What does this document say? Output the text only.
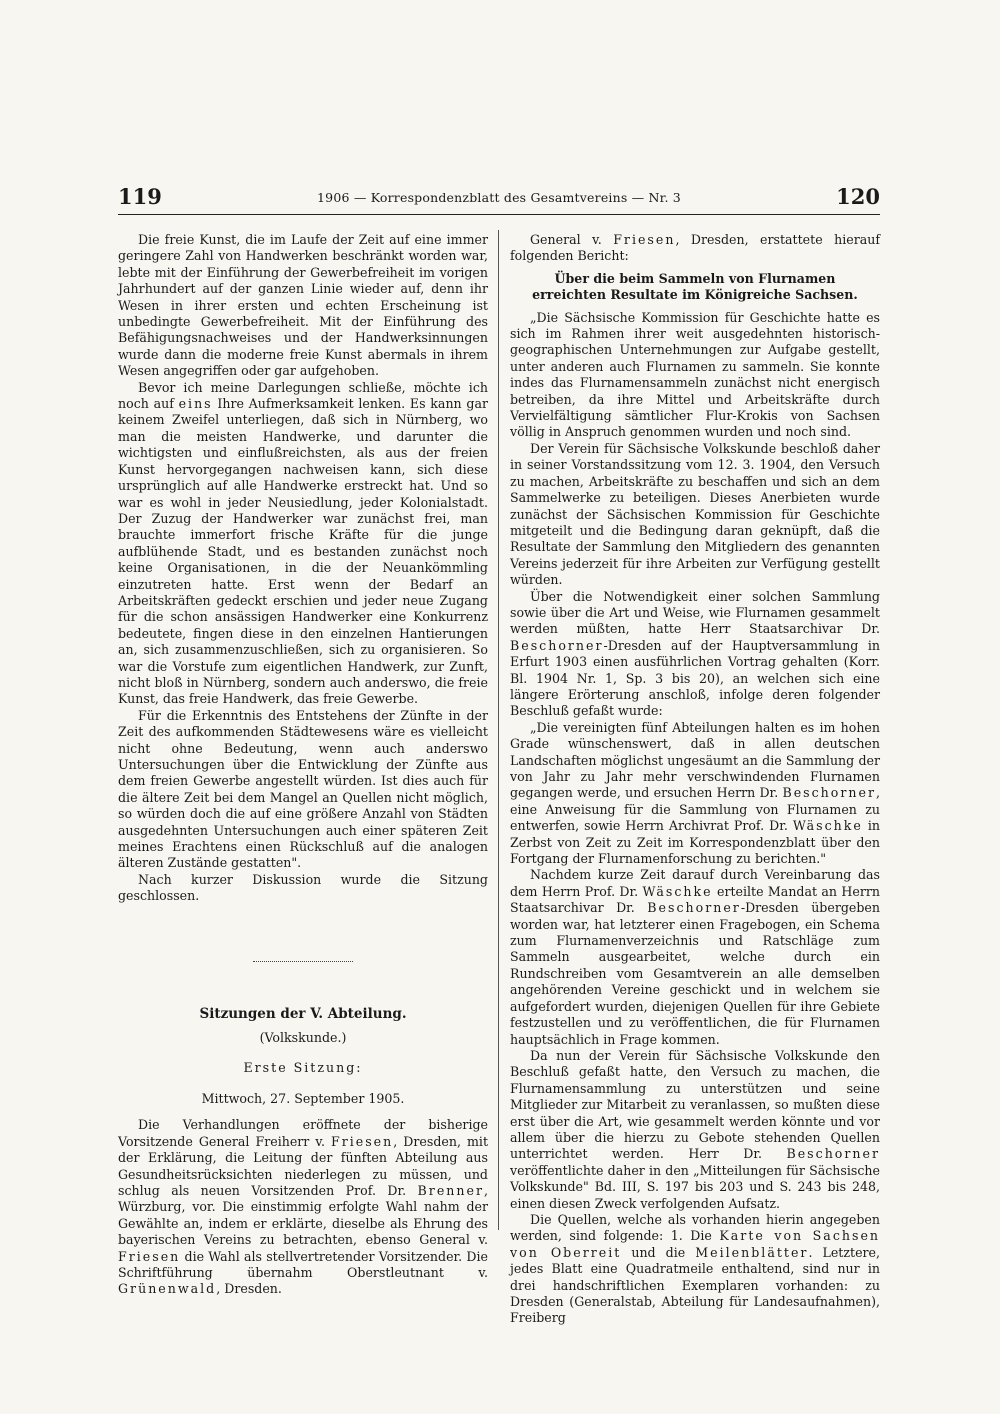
119	1906 — Korrespondenzblatt des Gesamtvereins — Nr. 3	120

Die freie Kunst, die im Laufe der Zeit auf eine immer geringere Zahl von Handwerken beschränkt worden war, lebte mit der Einführung der Gewerbefreiheit im vorigen Jahrhundert auf der ganzen Linie wieder auf, denn ihr Wesen in ihrer ersten und echten Erscheinung ist unbedingte Gewerbefreiheit. Mit der Einführung des Befähigungsnachweises und der Handwerksinnungen wurde dann die moderne freie Kunst abermals in ihrem Wesen angegriffen oder gar aufgehoben.

Bevor ich meine Darlegungen schließe, möchte ich noch auf eins Ihre Aufmerksamkeit lenken. Es kann gar keinem Zweifel unterliegen, daß sich in Nürnberg, wo man die meisten Handwerke, und darunter die wichtigsten und einflußreichsten, als aus der freien Kunst hervorgegangen nachweisen kann, sich diese ursprünglich auf alle Handwerke erstreckt hat. Und so war es wohl in jeder Neusiedlung, jeder Kolonialstadt. Der Zuzug der Handwerker war zunächst frei, man brauchte immerfort frische Kräfte für die junge aufblühende Stadt, und es bestanden zunächst noch keine Organisationen, in die der Neuankömmling einzutreten hatte. Erst wenn der Bedarf an Arbeitskräften gedeckt erschien und jeder neue Zugang für die schon ansässigen Handwerker eine Konkurrenz bedeutete, fingen diese in den einzelnen Hantierungen an, sich zusammenzuschließen, sich zu organisieren. So war die Vorstufe zum eigentlichen Handwerk, zur Zunft, nicht bloß in Nürnberg, sondern auch anderswo, die freie Kunst, das freie Handwerk, das freie Gewerbe.

Für die Erkenntnis des Entstehens der Zünfte in der Zeit des aufkommenden Städtewesens wäre es vielleicht nicht ohne Bedeutung, wenn auch anderswo Untersuchungen über die Entwicklung der Zünfte aus dem freien Gewerbe angestellt würden. Ist dies auch für die ältere Zeit bei dem Mangel an Quellen nicht möglich, so würden doch die auf eine größere Anzahl von Städten ausgedehnten Untersuchungen auch einer späteren Zeit meines Erachtens einen Rückschluß auf die analogen älteren Zustände gestatten".

Nach kurzer Diskussion wurde die Sitzung geschlossen.

Sitzungen der V. Abteilung.

(Volkskunde.)

Erste Sitzung:

Mittwoch, 27. September 1905.

Die Verhandlungen eröffnete der bisherige Vorsitzende General Freiherr v. Friesen, Dresden, mit der Erklärung, die Leitung der fünften Abteilung aus Gesundheitsrücksichten niederlegen zu müssen, und schlug als neuen Vorsitzenden Prof. Dr. Brenner, Würzburg, vor. Die einstimmig erfolgte Wahl nahm der Gewählte an, indem er erklärte, dieselbe als Ehrung des bayerischen Vereins zu betrachten, ebenso General v. Friesen die Wahl als stellvertretender Vorsitzender. Die Schriftführung übernahm Oberstleutnant v. Grünenwald, Dresden.

General v. Friesen, Dresden, erstattete hierauf folgenden Bericht:

Über die beim Sammeln von Flurnamen erreichten Resultate im Königreiche Sachsen.

„Die Sächsische Kommission für Geschichte hatte es sich im Rahmen ihrer weit ausgedehnten historisch-geographischen Unternehmungen zur Aufgabe gestellt, unter anderen auch Flurnamen zu sammeln. Sie konnte indes das Flurnamensammeln zunächst nicht energisch betreiben, da ihre Mittel und Arbeitskräfte durch Vervielfältigung sämtlicher Flur-Krokis von Sachsen völlig in Anspruch genommen wurden und noch sind.

Der Verein für Sächsische Volkskunde beschloß daher in seiner Vorstandssitzung vom 12. 3. 1904, den Versuch zu machen, Arbeitskräfte zu beschaffen und sich an dem Sammelwerke zu beteiligen. Dieses Anerbieten wurde zunächst der Sächsischen Kommission für Geschichte mitgeteilt und die Bedingung daran geknüpft, daß die Resultate der Sammlung den Mitgliedern des genannten Vereins jederzeit für ihre Arbeiten zur Verfügung gestellt würden.

Über die Notwendigkeit einer solchen Sammlung sowie über die Art und Weise, wie Flurnamen gesammelt werden müßten, hatte Herr Staatsarchivar Dr. Beschorner-Dresden auf der Hauptversammlung in Erfurt 1903 einen ausführlichen Vortrag gehalten (Korr. Bl. 1904 Nr. 1, Sp. 3 bis 20), an welchen sich eine längere Erörterung anschloß, infolge deren folgender Beschluß gefaßt wurde:

„Die vereinigten fünf Abteilungen halten es im hohen Grade wünschenswert, daß in allen deutschen Landschaften möglichst ungesäumt an die Sammlung der von Jahr zu Jahr mehr verschwindenden Flurnamen gegangen werde, und ersuchen Herrn Dr. Beschorner, eine Anweisung für die Sammlung von Flurnamen zu entwerfen, sowie Herrn Archivrat Prof. Dr. Wäschke in Zerbst von Zeit zu Zeit im Korrespondenzblatt über den Fortgang der Flurnamenforschung zu berichten."

Nachdem kurze Zeit darauf durch Vereinbarung das dem Herrn Prof. Dr. Wäschke erteilte Mandat an Herrn Staatsarchivar Dr. Beschorner-Dresden übergeben worden war, hat letzterer einen Fragebogen, ein Schema zum Flurnamenverzeichnis und Ratschläge zum Sammeln ausgearbeitet, welche durch ein Rundschreiben vom Gesamtverein an alle demselben angehörenden Vereine geschickt und in welchem sie aufgefordert wurden, diejenigen Quellen für ihre Gebiete festzustellen und zu veröffentlichen, die für Flurnamen hauptsächlich in Frage kommen.

Da nun der Verein für Sächsische Volkskunde den Beschluß gefaßt hatte, den Versuch zu machen, die Flurnamensammlung zu unterstützen und seine Mitglieder zur Mitarbeit zu veranlassen, so mußten diese erst über die Art, wie gesammelt werden könnte und vor allem über die hierzu zu Gebote stehenden Quellen unterrichtet werden. Herr Dr. Beschorner veröffentlichte daher in den „Mitteilungen für Sächsische Volkskunde" Bd. III, S. 197 bis 203 und S. 243 bis 248, einen diesen Zweck verfolgenden Aufsatz.

Die Quellen, welche als vorhanden hierin angegeben werden, sind folgende: 1. Die Karte von Sachsen von Oberreit und die Meilenblätter. Letztere, jedes Blatt eine Quadratmeile enthaltend, sind nur in drei handschriftlichen Exemplaren vorhanden: zu Dresden (Generalstab, Abteilung für Landesaufnahmen), Freiberg
